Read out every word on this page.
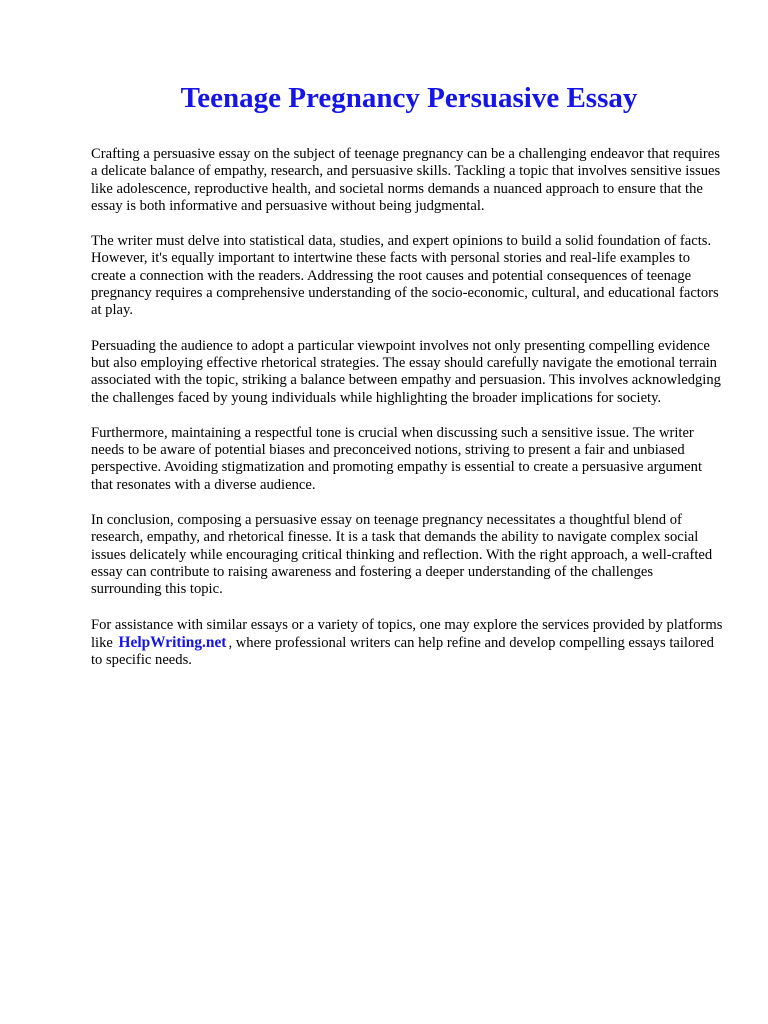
Teenage Pregnancy Persuasive Essay

Crafting a persuasive essay on the subject of teenage pregnancy can be a challenging endeavor that requires a delicate balance of empathy, research, and persuasive skills. Tackling a topic that involves sensitive issues like adolescence, reproductive health, and societal norms demands a nuanced approach to ensure that the essay is both informative and persuasive without being judgmental.

The writer must delve into statistical data, studies, and expert opinions to build a solid foundation of facts. However, it's equally important to intertwine these facts with personal stories and real-life examples to create a connection with the readers. Addressing the root causes and potential consequences of teenage pregnancy requires a comprehensive understanding of the socio-economic, cultural, and educational factors at play.

Persuading the audience to adopt a particular viewpoint involves not only presenting compelling evidence but also employing effective rhetorical strategies. The essay should carefully navigate the emotional terrain associated with the topic, striking a balance between empathy and persuasion. This involves acknowledging the challenges faced by young individuals while highlighting the broader implications for society.

Furthermore, maintaining a respectful tone is crucial when discussing such a sensitive issue. The writer needs to be aware of potential biases and preconceived notions, striving to present a fair and unbiased perspective. Avoiding stigmatization and promoting empathy is essential to create a persuasive argument that resonates with a diverse audience.

In conclusion, composing a persuasive essay on teenage pregnancy necessitates a thoughtful blend of research, empathy, and rhetorical finesse. It is a task that demands the ability to navigate complex social issues delicately while encouraging critical thinking and reflection. With the right approach, a well-crafted essay can contribute to raising awareness and fostering a deeper understanding of the challenges surrounding this topic.

For assistance with similar essays or a variety of topics, one may explore the services provided by platforms like HelpWriting.net , where professional writers can help refine and develop compelling essays tailored to specific needs.
